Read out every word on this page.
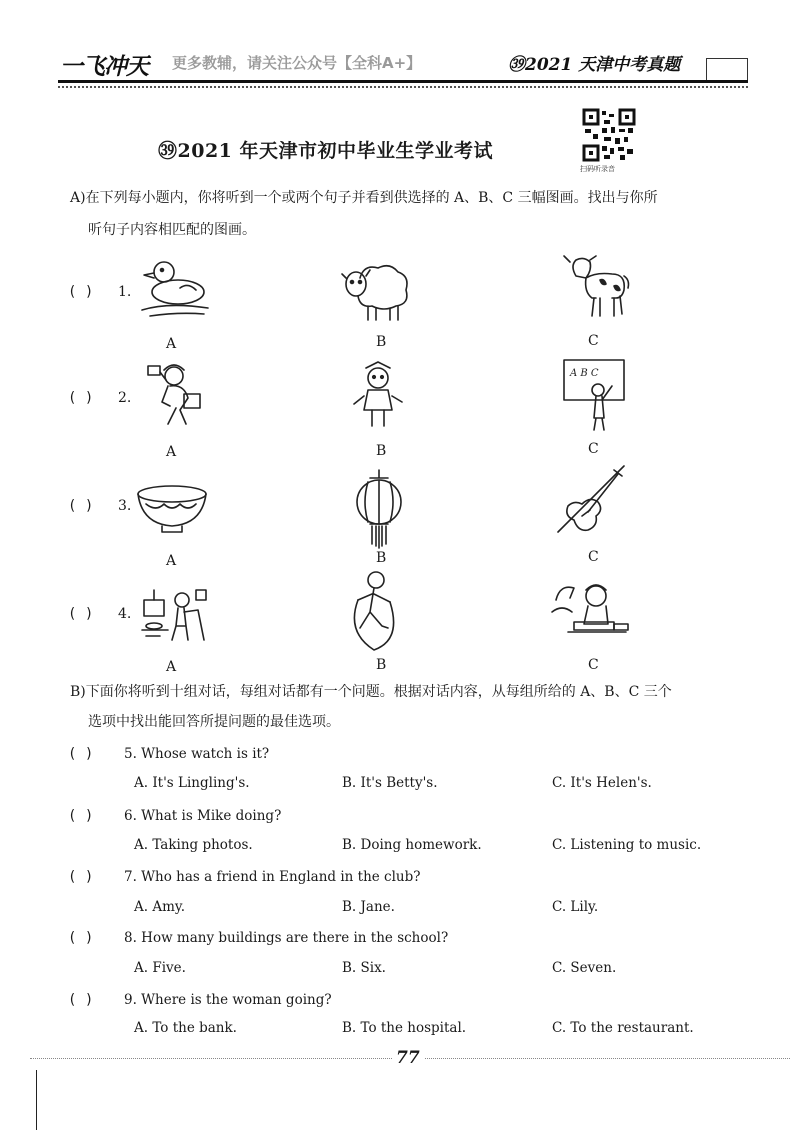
一飞冲天 更多教辅，请关注公众号【全科A+】	㊴2021 天津中考真题
㊴2021 年天津市初中毕业生学业考试
扫码听录音
A)在下列每小题内，你将听到一个或两个句子并看到供选择的 A、B、C 三幅图画。找出与你所
听句子内容相匹配的图画。
( ) 1.
( ) 2.
( ) 3.
( ) 4.
A	B	C
A	B	C
A	B	C
A	B	C
A B C
B)下面你将听到十组对话，每组对话都有一个问题。根据对话内容，从每组所给的 A、B、C 三个
选项中找出能回答所提问题的最佳选项。
( ) 5. Whose watch is it?
A. It's Lingling's.	B. It's Betty's.	C. It's Helen's.
( ) 6. What is Mike doing?
A. Taking photos.	B. Doing homework.	C. Listening to music.
( ) 7. Who has a friend in England in the club?
A. Amy.	B. Jane.	C. Lily.
( ) 8. How many buildings are there in the school?
A. Five.	B. Six.	C. Seven.
( ) 9. Where is the woman going?
A. To the bank.	B. To the hospital.	C. To the restaurant.
77
